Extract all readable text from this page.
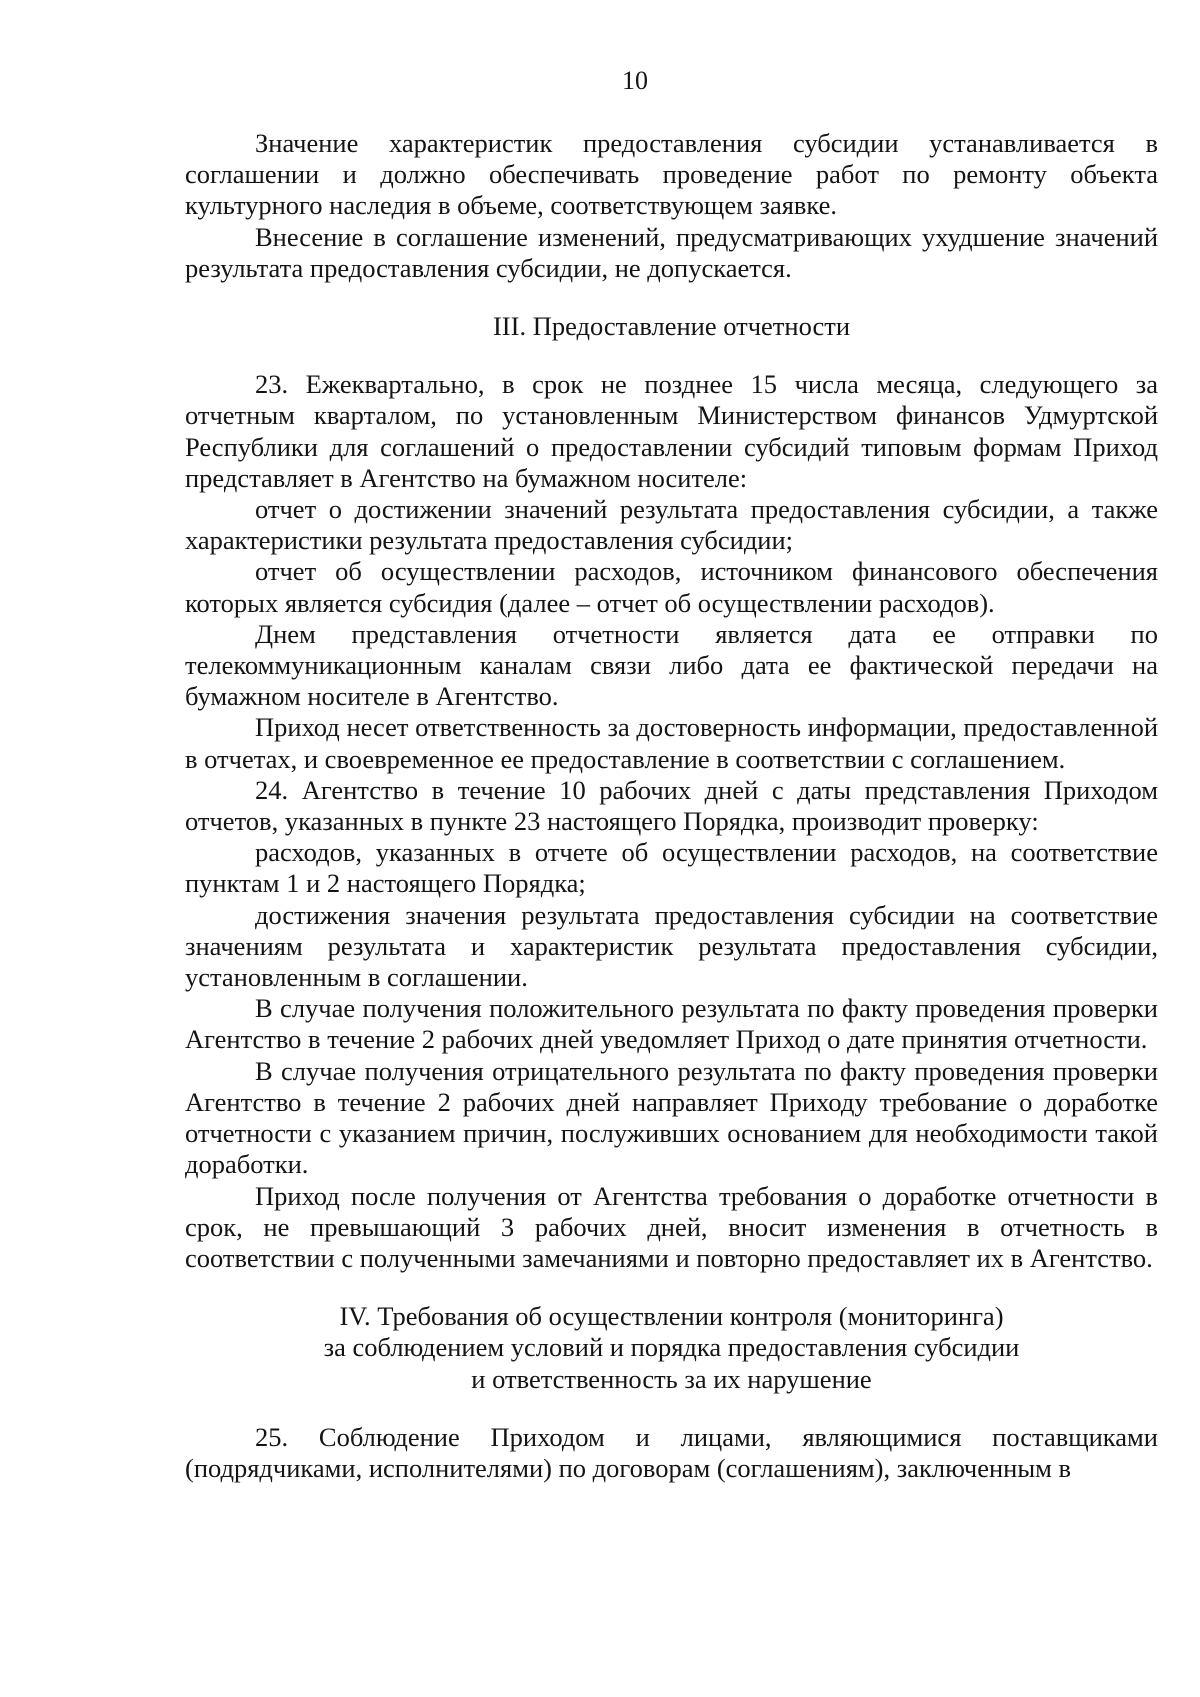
10

Значение характеристик предоставления субсидии устанавливается в соглашении и должно обеспечивать проведение работ по ремонту объекта культурного наследия в объеме, соответствующем заявке.

Внесение в соглашение изменений, предусматривающих ухудшение значений результата предоставления субсидии, не допускается.

III. Предоставление отчетности

23. Ежеквартально, в срок не позднее 15 числа месяца, следующего за отчетным кварталом, по установленным Министерством финансов Удмуртской Республики для соглашений о предоставлении субсидий типовым формам Приход представляет в Агентство на бумажном носителе:

отчет о достижении значений результата предоставления субсидии, а также характеристики результата предоставления субсидии;

отчет об осуществлении расходов, источником финансового обеспечения которых является субсидия (далее – отчет об осуществлении расходов).

Днем представления отчетности является дата ее отправки по телекоммуникационным каналам связи либо дата ее фактической передачи на бумажном носителе в Агентство.

Приход несет ответственность за достоверность информации, предоставленной в отчетах, и своевременное ее предоставление в соответствии с соглашением.

24. Агентство в течение 10 рабочих дней с даты представления Приходом отчетов, указанных в пункте 23 настоящего Порядка, производит проверку:

расходов, указанных в отчете об осуществлении расходов, на соответствие пунктам 1 и 2 настоящего Порядка;

достижения значения результата предоставления субсидии на соответствие значениям результата и характеристик результата предоставления субсидии, установленным в соглашении.

В случае получения положительного результата по факту проведения проверки Агентство в течение 2 рабочих дней уведомляет Приход о дате принятия отчетности.

В случае получения отрицательного результата по факту проведения проверки Агентство в течение 2 рабочих дней направляет Приходу требование о доработке отчетности с указанием причин, послуживших основанием для необходимости такой доработки.

Приход после получения от Агентства требования о доработке отчетности в срок, не превышающий 3 рабочих дней, вносит изменения в отчетность в соответствии с полученными замечаниями и повторно предоставляет их в Агентство.

IV. Требования об осуществлении контроля (мониторинга)
за соблюдением условий и порядка предоставления субсидии
и ответственность за их нарушение

25. Соблюдение Приходом и лицами, являющимися поставщиками (подрядчиками, исполнителями) по договорам (соглашениям), заключенным в
